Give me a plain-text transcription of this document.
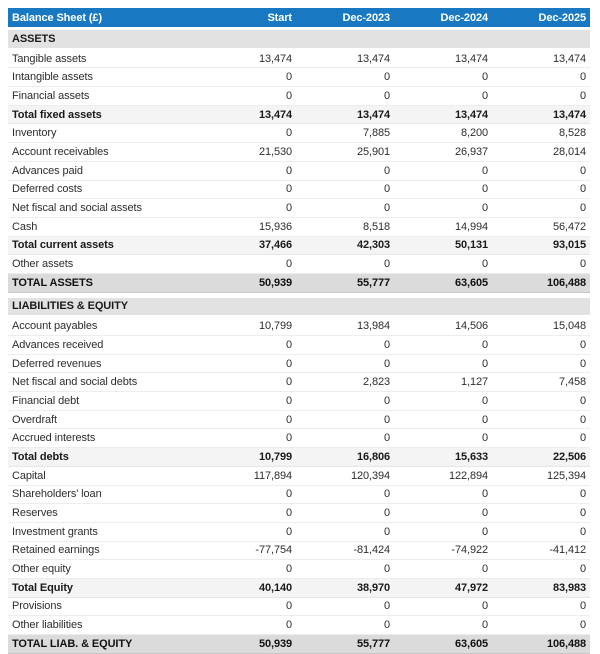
Balance Sheet (£)	Start	Dec-2023	Dec-2024	Dec-2025
ASSETS				
Tangible assets	13,474	13,474	13,474	13,474
Intangible assets	0	0	0	0
Financial assets	0	0	0	0
Total fixed assets	13,474	13,474	13,474	13,474
Inventory	0	7,885	8,200	8,528
Account receivables	21,530	25,901	26,937	28,014
Advances paid	0	0	0	0
Deferred costs	0	0	0	0
Net fiscal and social assets	0	0	0	0
Cash	15,936	8,518	14,994	56,472
Total current assets	37,466	42,303	50,131	93,015
Other assets	0	0	0	0
TOTAL ASSETS	50,939	55,777	63,605	106,488

LIABILITIES & EQUITY				
Account payables	10,799	13,984	14,506	15,048
Advances received	0	0	0	0
Deferred revenues	0	0	0	0
Net fiscal and social debts	0	2,823	1,127	7,458
Financial debt	0	0	0	0
Overdraft	0	0	0	0
Accrued interests	0	0	0	0
Total debts	10,799	16,806	15,633	22,506
Capital	117,894	120,394	122,894	125,394
Shareholders' loan	0	0	0	0
Reserves	0	0	0	0
Investment grants	0	0	0	0
Retained earnings	-77,754	-81,424	-74,922	-41,412
Other equity	0	0	0	0
Total Equity	40,140	38,970	47,972	83,983
Provisions	0	0	0	0
Other liabilities	0	0	0	0
TOTAL LIAB. & EQUITY	50,939	55,777	63,605	106,488
